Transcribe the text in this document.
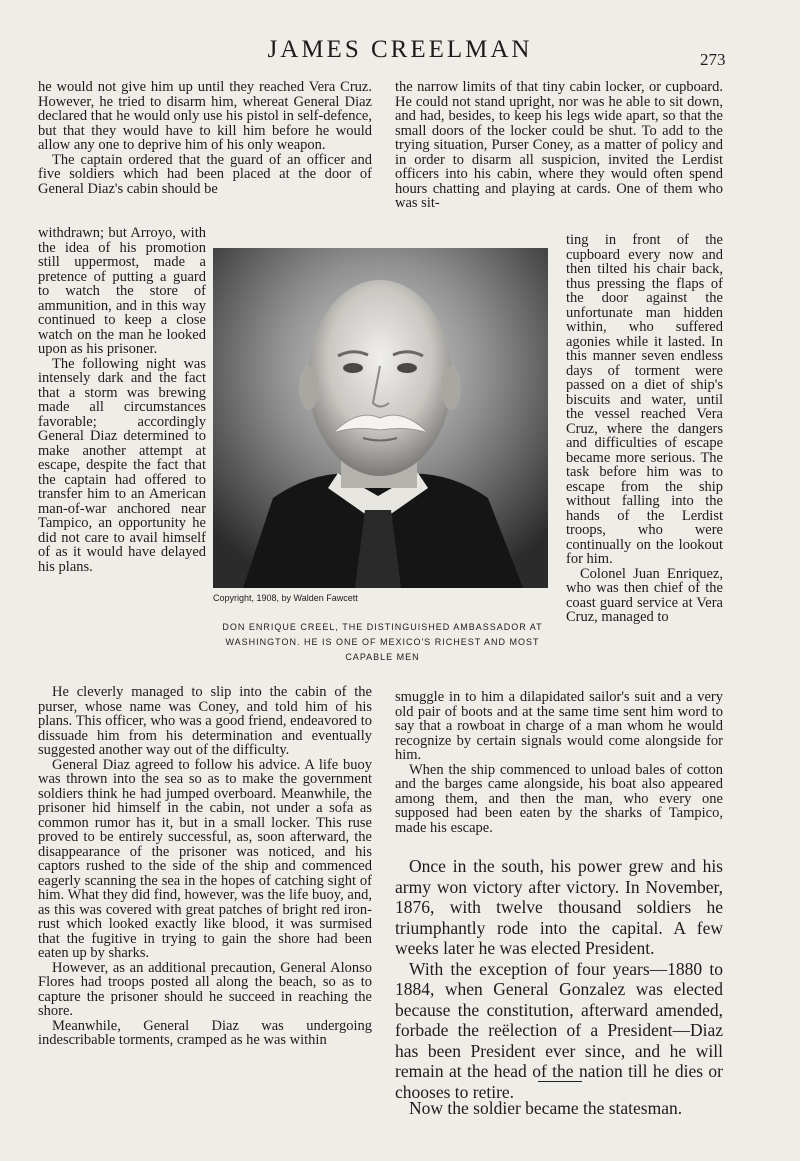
JAMES CREELMAN	273

he would not give him up until they reached Vera Cruz. However, he tried to disarm him, whereat General Diaz declared that he would only use his pistol in self-defence, but that they would have to kill him before he would allow any one to deprive him of his only weapon.

The captain ordered that the guard of an officer and five soldiers which had been placed at the door of General Diaz's cabin should be

withdrawn; but Arroyo, with the idea of his promotion still uppermost, made a pretence of putting a guard to watch the store of ammunition, and in this way continued to keep a close watch on the man he looked upon as his prisoner.

The following night was intensely dark and the fact that a storm was brewing made all circumstances favorable; accordingly General Diaz determined to make another attempt at escape, despite the fact that the captain had offered to transfer him to an American man-of-war anchored near Tampico, an opportunity he did not care to avail himself of as it would have delayed his plans.

He cleverly managed to slip into the cabin of the purser, whose name was Coney, and told him of his plans. This officer, who was a good friend, endeavored to dissuade him from his determination and eventually suggested another way out of the difficulty.

General Diaz agreed to follow his advice. A life buoy was thrown into the sea so as to make the government soldiers think he had jumped overboard. Meanwhile, the prisoner hid himself in the cabin, not under a sofa as common rumor has it, but in a small locker. This ruse proved to be entirely successful, as, soon afterward, the disappearance of the prisoner was noticed, and his captors rushed to the side of the ship and commenced eagerly scanning the sea in the hopes of catching sight of him. What they did find, however, was the life buoy, and, as this was covered with great patches of bright red iron-rust which looked exactly like blood, it was surmised that the fugitive in trying to gain the shore had been eaten up by sharks.

However, as an additional precaution, General Alonso Flores had troops posted all along the beach, so as to capture the prisoner should he succeed in reaching the shore.

Meanwhile, General Diaz was undergoing indescribable torments, cramped as he was within

the narrow limits of that tiny cabin locker, or cupboard. He could not stand upright, nor was he able to sit down, and had, besides, to keep his legs wide apart, so that the small doors of the locker could be shut. To add to the trying situation, Purser Coney, as a matter of policy and in order to disarm all suspicion, invited the Lerdist officers into his cabin, where they would often spend hours chatting and playing at cards. One of them who was sit-

ting in front of the cupboard every now and then tilted his chair back, thus pressing the flaps of the door against the unfortunate man hidden within, who suffered agonies while it lasted. In this manner seven endless days of torment were passed on a diet of ship's biscuits and water, until the vessel reached Vera Cruz, where the dangers and difficulties of escape became more serious. The task before him was to escape from the ship without falling into the hands of the Lerdist troops, who were continually on the lookout for him.

Colonel Juan Enriquez, who was then chief of the coast guard service at Vera Cruz, managed to

smuggle in to him a dilapidated sailor's suit and a very old pair of boots and at the same time sent him word to say that a rowboat in charge of a man whom he would recognize by certain signals would come alongside for him.

When the ship commenced to unload bales of cotton and the barges came alongside, his boat also appeared among them, and then the man, who every one supposed had been eaten by the sharks of Tampico, made his escape.

Once in the south, his power grew and his army won victory after victory. In November, 1876, with twelve thousand soldiers he triumphantly rode into the capital. A few weeks later he was elected President.

With the exception of four years—1880 to 1884, when General Gonzalez was elected because the constitution, afterward amended, forbade the reëlection of a President—Diaz has been President ever since, and he will remain at the head of the nation till he dies or chooses to retire.

Now the soldier became the statesman.

Copyright, 1908, by Walden Fawcett
DON ENRIQUE CREEL, THE DISTINGUISHED AMBASSADOR AT WASHINGTON. HE IS ONE OF MEXICO'S RICHEST AND MOST CAPABLE MEN
